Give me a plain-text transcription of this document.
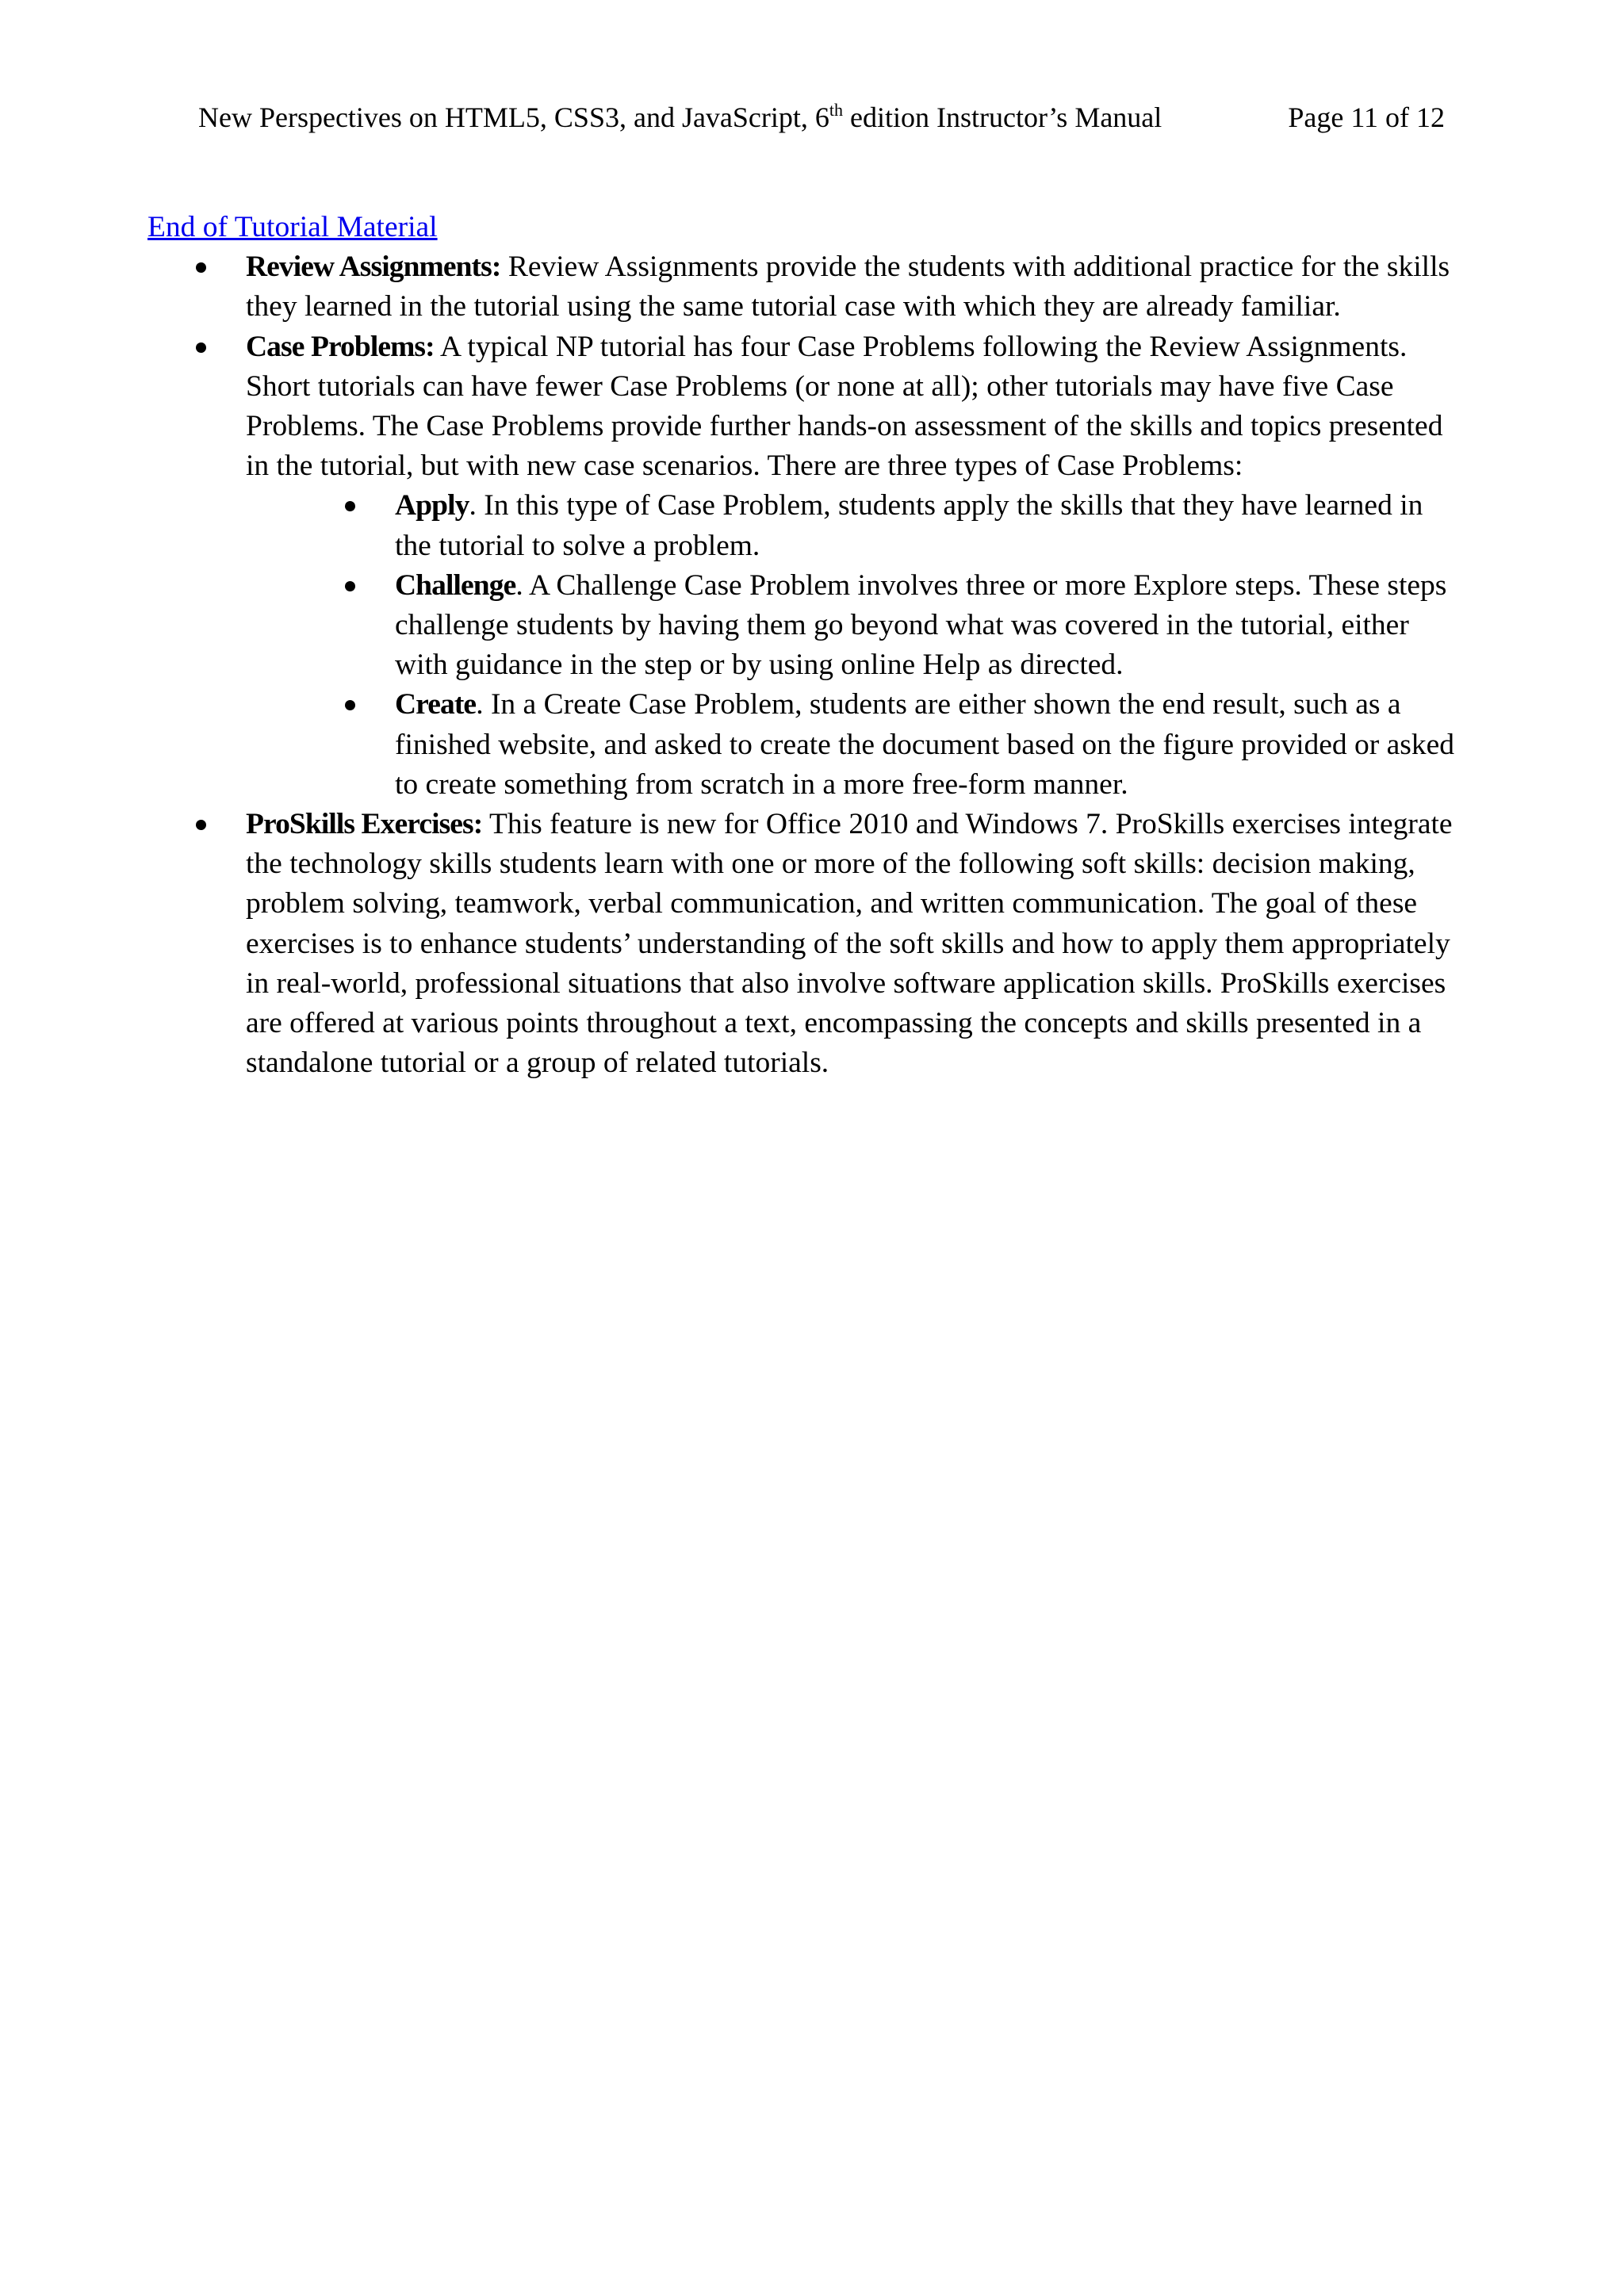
New Perspectives on HTML5, CSS3, and JavaScript, 6th edition Instructor’s Manual	Page 11 of 12
End of Tutorial Material
Review Assignments: Review Assignments provide the students with additional practice for the skills they learned in the tutorial using the same tutorial case with which they are already familiar.
Case Problems: A typical NP tutorial has four Case Problems following the Review Assignments. Short tutorials can have fewer Case Problems (or none at all); other tutorials may have five Case Problems. The Case Problems provide further hands-on assessment of the skills and topics presented in the tutorial, but with new case scenarios. There are three types of Case Problems:
Apply. In this type of Case Problem, students apply the skills that they have learned in the tutorial to solve a problem.
Challenge. A Challenge Case Problem involves three or more Explore steps. These steps challenge students by having them go beyond what was covered in the tutorial, either with guidance in the step or by using online Help as directed.
Create. In a Create Case Problem, students are either shown the end result, such as a finished website, and asked to create the document based on the figure provided or asked to create something from scratch in a more free-form manner.
ProSkills Exercises: This feature is new for Office 2010 and Windows 7. ProSkills exercises integrate the technology skills students learn with one or more of the following soft skills: decision making, problem solving, teamwork, verbal communication, and written communication. The goal of these exercises is to enhance students’ understanding of the soft skills and how to apply them appropriately in real-world, professional situations that also involve software application skills. ProSkills exercises are offered at various points throughout a text, encompassing the concepts and skills presented in a standalone tutorial or a group of related tutorials.
